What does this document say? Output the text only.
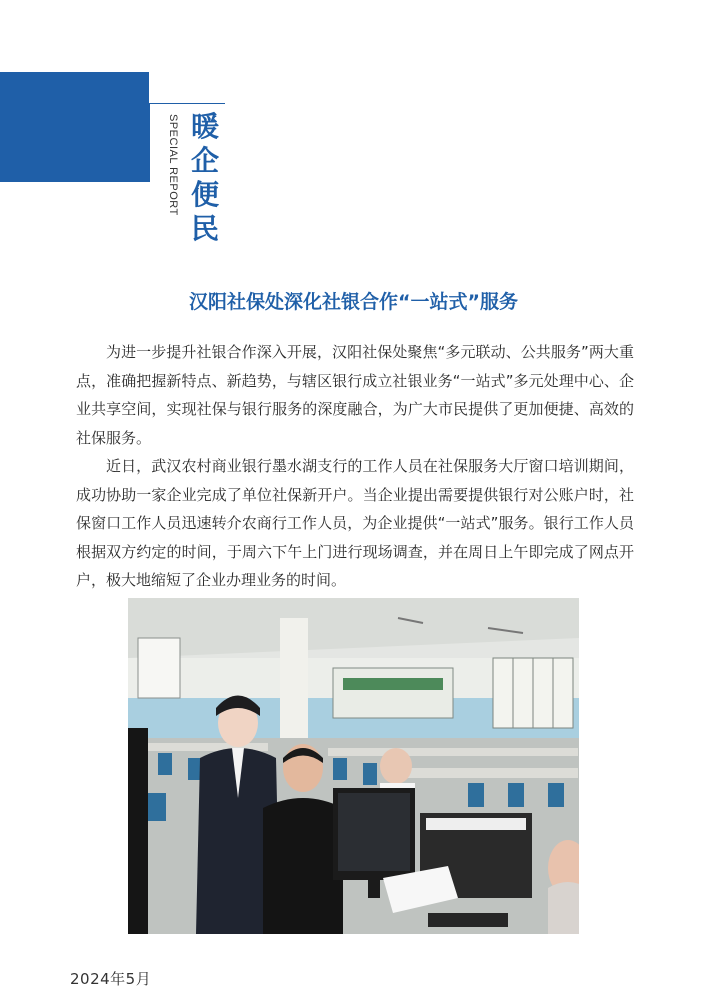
SPECIAL REPORT 暖企便民
汉阳社保处深化社银合作“一站式”服务

为进一步提升社银合作深入开展，汉阳社保处聚焦“多元联动、公共服务”两大重点，准确把握新特点、新趋势，与辖区银行成立社银业务“一站式”多元处理中心、企业共享空间，实现社保与银行服务的深度融合，为广大市民提供了更加便捷、高效的社保服务。

近日，武汉农村商业银行墨水湖支行的工作人员在社保服务大厅窗口培训期间，成功协助一家企业完成了单位社保新开户。当企业提出需要提供银行对公账户时，社保窗口工作人员迅速转介农商行工作人员，为企业提供“一站式”服务。银行工作人员根据双方约定的时间，于周六下午上门进行现场调查，并在周日上午即完成了网点开户，极大地缩短了企业办理业务的时间。

2024年5月
